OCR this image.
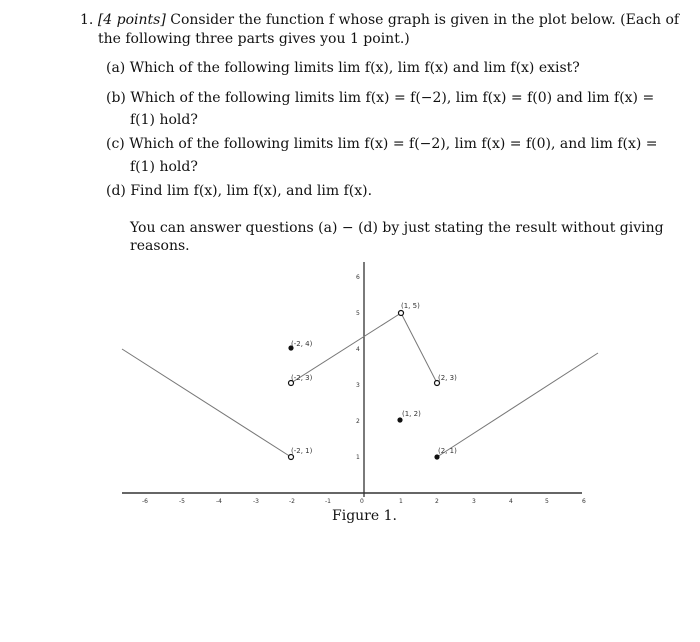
1. [4 points] Consider the function f whose graph is given in the plot below. (Each of
the following three parts gives you 1 point.)
(a) Which of the following limits lim f(x), lim f(x) and lim f(x) exist?
(b) Which of the following limits lim f(x) = f(−2), lim f(x) = f(0) and lim f(x) =
f(1) hold?
(c) Which of the following limits lim f(x) = f(−2), lim f(x) = f(0), and lim f(x) =
f(1) hold?
(d) Find lim f(x), lim f(x), and lim f(x).
You can answer questions (a) − (d) by just stating the result without giving
reasons.
(-2, 4)
(-2, 3)
(-2, 1)
(1, 5)
(1, 2)
(2, 3)
(2, 1)
-6	-5	-4	-3	-2	-1	0	1	2	3	4	5	6
1
2
3
4
5
6
Figure 1.
